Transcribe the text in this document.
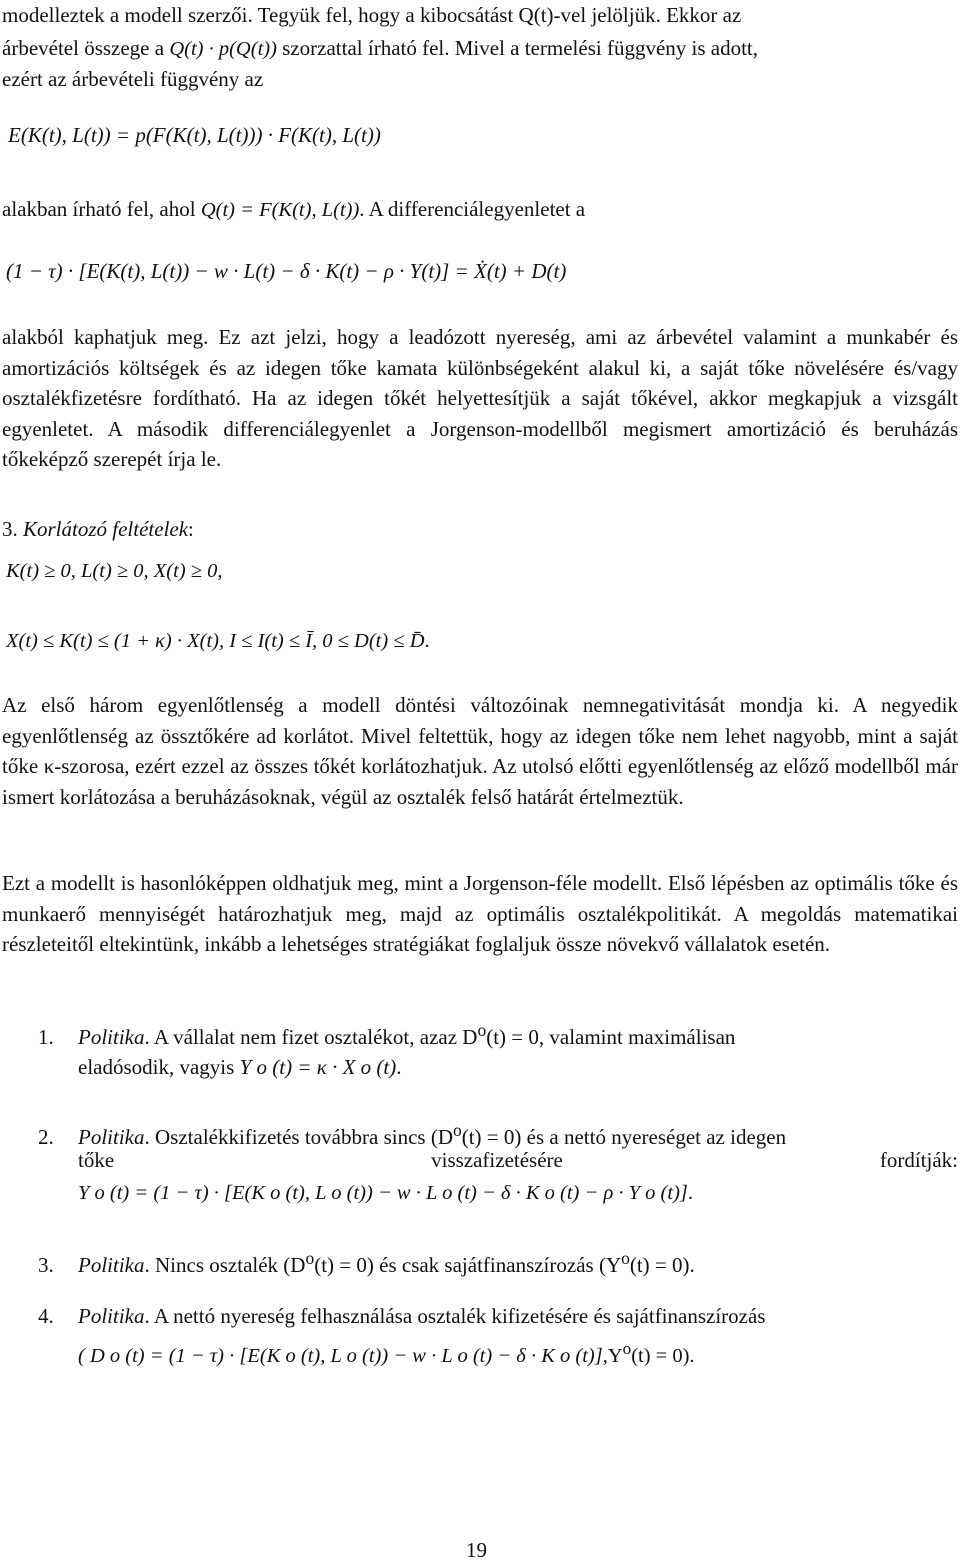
modelleztek a modell szerzői. Tegyük fel, hogy a kibocsátást Q(t)-vel jelöljük. Ekkor az

árbevétel összege a Q(t) · p(Q(t)) szorzattal írható fel. Mivel a termelési függvény is adott,

ezért az árbevételi függvény az

E(K(t), L(t)) = p(F(K(t), L(t))) · F(K(t), L(t))

alakban írható fel, ahol Q(t) = F(K(t), L(t)). A differenciálegyenletet a

(1 − τ) · [E(K(t), L(t)) − w · L(t) − δ · K(t) − ρ · Y(t)] = Ẋ(t) + D(t)

alakból kaphatjuk meg. Ez azt jelzi, hogy a leadózott nyereség, ami az árbevétel valamint a munkabér és amortizációs költségek és az idegen tőke kamata különbségeként alakul ki, a saját tőke növelésére és/vagy osztalékfizetésre fordítható. Ha az idegen tőkét helyettesítjük a saját tőkével, akkor megkapjuk a vizsgált egyenletet. A második differenciálegyenlet a Jorgenson-modellből megismert amortizáció és beruházás tőkeképző szerepét írja le.

3. Korlátozó feltételek:

K(t) ≥ 0, L(t) ≥ 0, X(t) ≥ 0,

X(t) ≤ K(t) ≤ (1 + κ) · X(t), I ≤ I(t) ≤ Ī, 0 ≤ D(t) ≤ D̄.

Az első három egyenlőtlenség a modell döntési változóinak nemnegativitását mondja ki. A negyedik egyenlőtlenség az össztőkére ad korlátot. Mivel feltettük, hogy az idegen tőke nem lehet nagyobb, mint a saját tőke κ-szorosa, ezért ezzel az összes tőkét korlátozhatjuk. Az utolsó előtti egyenlőtlenség az előző modellből már ismert korlátozása a beruházásoknak, végül az osztalék felső határát értelmeztük.

Ezt a modellt is hasonlóképpen oldhatjuk meg, mint a Jorgenson-féle modellt. Első lépésben az optimális tőke és munkaerő mennyiségét határozhatjuk meg, majd az optimális osztalékpolitikát. A megoldás matematikai részleteitől eltekintünk, inkább a lehetséges stratégiákat foglaljuk össze növekvő vállalatok esetén.

1. Politika. A vállalat nem fizet osztalékot, azaz $D^o(t) = 0$, valamint maximálisan

eladósodik, vagyis Y o (t) = κ · X o (t).

2. Politika. Osztalékkifizetés továbbra sincs $(D^o(t) = 0)$ és a nettó nyereséget az idegen

tőke	visszafizetésére	fordítják:

Y o (t) = (1 − τ) · [E(K o (t), L o (t)) − w · L o (t) − δ · K o (t) − ρ · Y o (t)].

3. Politika. Nincs osztalék $(D^o(t) = 0)$ és csak sajátfinanszírozás $(Y^o(t) = 0)$.

4. Politika. A nettó nyereség felhasználása osztalék kifizetésére és sajátfinanszírozás

( D o (t) = (1 − τ) · [E(K o (t), L o (t)) − w · L o (t) − δ · K o $(t)],Y^o(t) = 0$).

19
